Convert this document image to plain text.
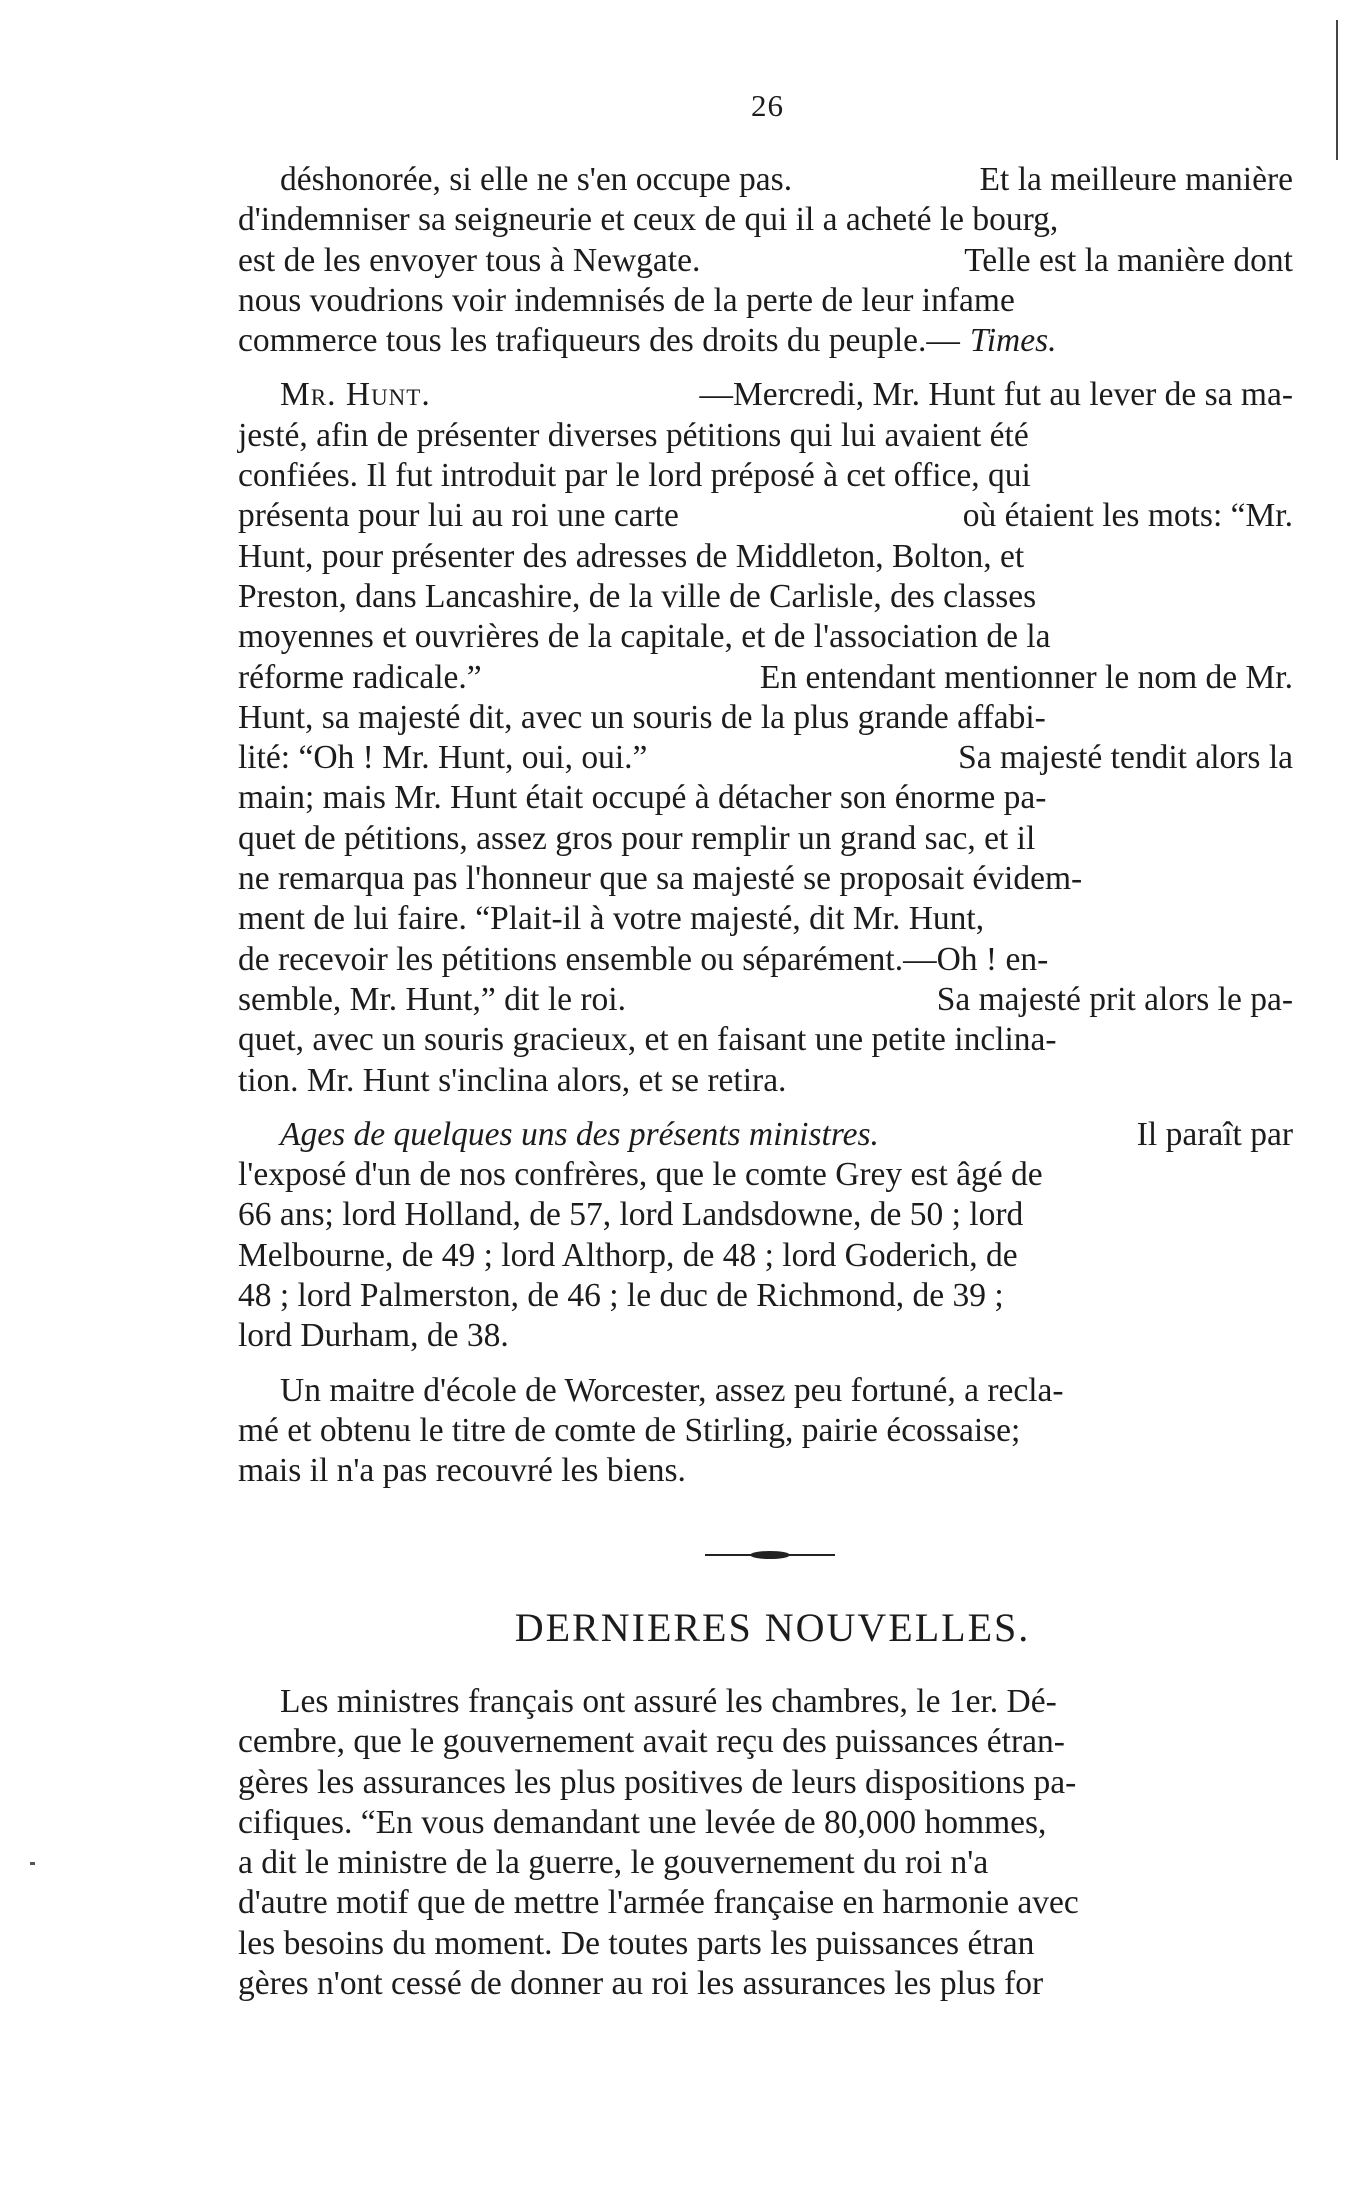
26
déshonorée, si elle ne s'en occupe pas.	Et la meilleure manière
d'indemniser sa seigneurie et ceux de qui il a acheté le bourg,
est de les envoyer tous à Newgate.	Telle est la manière dont
nous voudrions voir indemnisés de la perte de leur infame
commerce tous les trafiqueurs des droits du peuple.— Times.
Mr. Hunt.	—Mercredi, Mr. Hunt fut au lever de sa ma-
jesté, afin de présenter diverses pétitions qui lui avaient été
confiées. Il fut introduit par le lord préposé à cet office, qui
présenta pour lui au roi une carte	où étaient les mots: “Mr.
Hunt, pour présenter des adresses de Middleton, Bolton, et
Preston, dans Lancashire, de la ville de Carlisle, des classes
moyennes et ouvrières de la capitale, et de l'association de la
réforme radicale.”	En entendant mentionner le nom de Mr.
Hunt, sa majesté dit, avec un souris de la plus grande affabi-
lité: “Oh ! Mr. Hunt, oui, oui.”	Sa majesté tendit alors la
main; mais Mr. Hunt était occupé à détacher son énorme pa-
quet de pétitions, assez gros pour remplir un grand sac, et il
ne remarqua pas l'honneur que sa majesté se proposait évidem-
ment de lui faire. “Plait-il à votre majesté, dit Mr. Hunt,
de recevoir les pétitions ensemble ou séparément.—Oh ! en-
semble, Mr. Hunt,” dit le roi.	Sa majesté prit alors le pa-
quet, avec un souris gracieux, et en faisant une petite inclina-
tion. Mr. Hunt s'inclina alors, et se retira.
Ages de quelques uns des présents ministres.	Il paraît par
l'exposé d'un de nos confrères, que le comte Grey est âgé de
66 ans; lord Holland, de 57, lord Landsdowne, de 50 ; lord
Melbourne, de 49 ; lord Althorp, de 48 ; lord Goderich, de
48 ; lord Palmerston, de 46 ; le duc de Richmond, de 39 ;
lord Durham, de 38.
Un maitre d'école de Worcester, assez peu fortuné, a recla-
mé et obtenu le titre de comte de Stirling, pairie écossaise;
mais il n'a pas recouvré les biens.
DERNIERES NOUVELLES.
Les ministres français ont assuré les chambres, le 1er. Dé-
cembre, que le gouvernement avait reçu des puissances étran-
gères les assurances les plus positives de leurs dispositions pa-
cifiques. “En vous demandant une levée de 80,000 hommes,
a dit le ministre de la guerre, le gouvernement du roi n'a
d'autre motif que de mettre l'armée française en harmonie avec
les besoins du moment. De toutes parts les puissances étran
gères n'ont cessé de donner au roi les assurances les plus for
